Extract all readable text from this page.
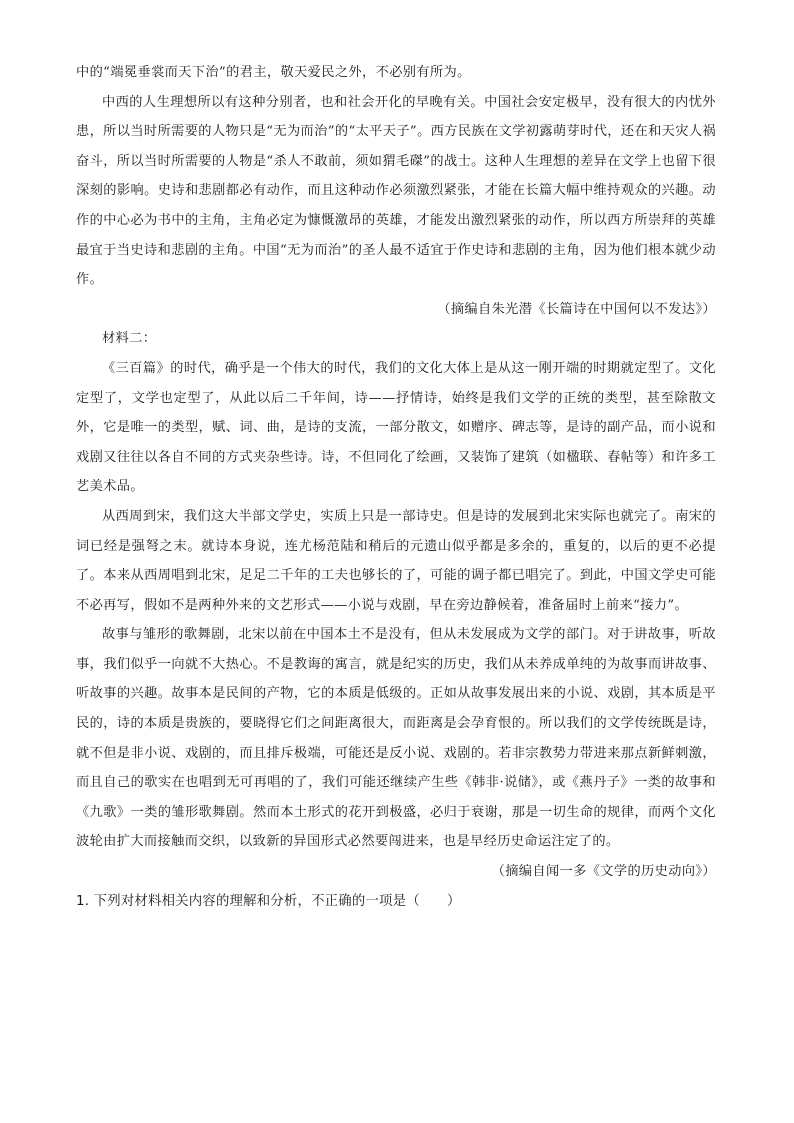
中的“端冕垂裳而天下治”的君主，敬天爱民之外，不必别有所为。

中西的人生理想所以有这种分别者，也和社会开化的早晚有关。中国社会安定极早，没有很大的内忧外患，所以当时所需要的人物只是“无为而治”的“太平天子”。西方民族在文学初露萌芽时代，还在和天灾人祸奋斗，所以当时所需要的人物是“杀人不敢前，须如猬毛磔”的战士。这种人生理想的差异在文学上也留下很深刻的影响。史诗和悲剧都必有动作，而且这种动作必须激烈紧张，才能在长篇大幅中维持观众的兴趣。动作的中心必为书中的主角，主角必定为慷慨激昂的英雄，才能发出激烈紧张的动作，所以西方所崇拜的英雄最宜于当史诗和悲剧的主角。中国“无为而治”的圣人最不适宜于作史诗和悲剧的主角，因为他们根本就少动作。

（摘编自朱光潜《长篇诗在中国何以不发达》）

材料二：

《三百篇》的时代，确乎是一个伟大的时代，我们的文化大体上是从这一刚开端的时期就定型了。文化定型了，文学也定型了，从此以后二千年间，诗——抒情诗，始终是我们文学的正统的类型，甚至除散文外，它是唯一的类型，赋、词、曲，是诗的支流，一部分散文，如赠序、碑志等，是诗的副产品，而小说和戏剧又往往以各自不同的方式夹杂些诗。诗，不但同化了绘画，又装饰了建筑（如楹联、春帖等）和许多工艺美术品。

从西周到宋，我们这大半部文学史，实质上只是一部诗史。但是诗的发展到北宋实际也就完了。南宋的词已经是强弩之末。就诗本身说，连尤杨范陆和稍后的元遗山似乎都是多余的，重复的，以后的更不必提了。本来从西周唱到北宋，足足二千年的工夫也够长的了，可能的调子都已唱完了。到此，中国文学史可能不必再写，假如不是两种外来的文艺形式——小说与戏剧，早在旁边静候着，准备届时上前来“接力”。

故事与雏形的歌舞剧，北宋以前在中国本土不是没有，但从未发展成为文学的部门。对于讲故事，听故事，我们似乎一向就不大热心。不是教诲的寓言，就是纪实的历史，我们从未养成单纯的为故事而讲故事、听故事的兴趣。故事本是民间的产物，它的本质是低级的。正如从故事发展出来的小说、戏剧，其本质是平民的，诗的本质是贵族的，要晓得它们之间距离很大，而距离是会孕育恨的。所以我们的文学传统既是诗，就不但是非小说、戏剧的，而且排斥极端，可能还是反小说、戏剧的。若非宗教势力带进来那点新鲜刺激，而且自己的歌实在也唱到无可再唱的了，我们可能还继续产生些《韩非·说储》，或《燕丹子》一类的故事和《九歌》一类的雏形歌舞剧。然而本土形式的花开到极盛，必归于衰谢，那是一切生命的规律，而两个文化波轮由扩大而接触而交织，以致新的异国形式必然要闯进来，也是早经历史命运注定了的。

（摘编自闻一多《文学的历史动向》）

1. 下列对材料相关内容的理解和分析，不正确的一项是（　　）
